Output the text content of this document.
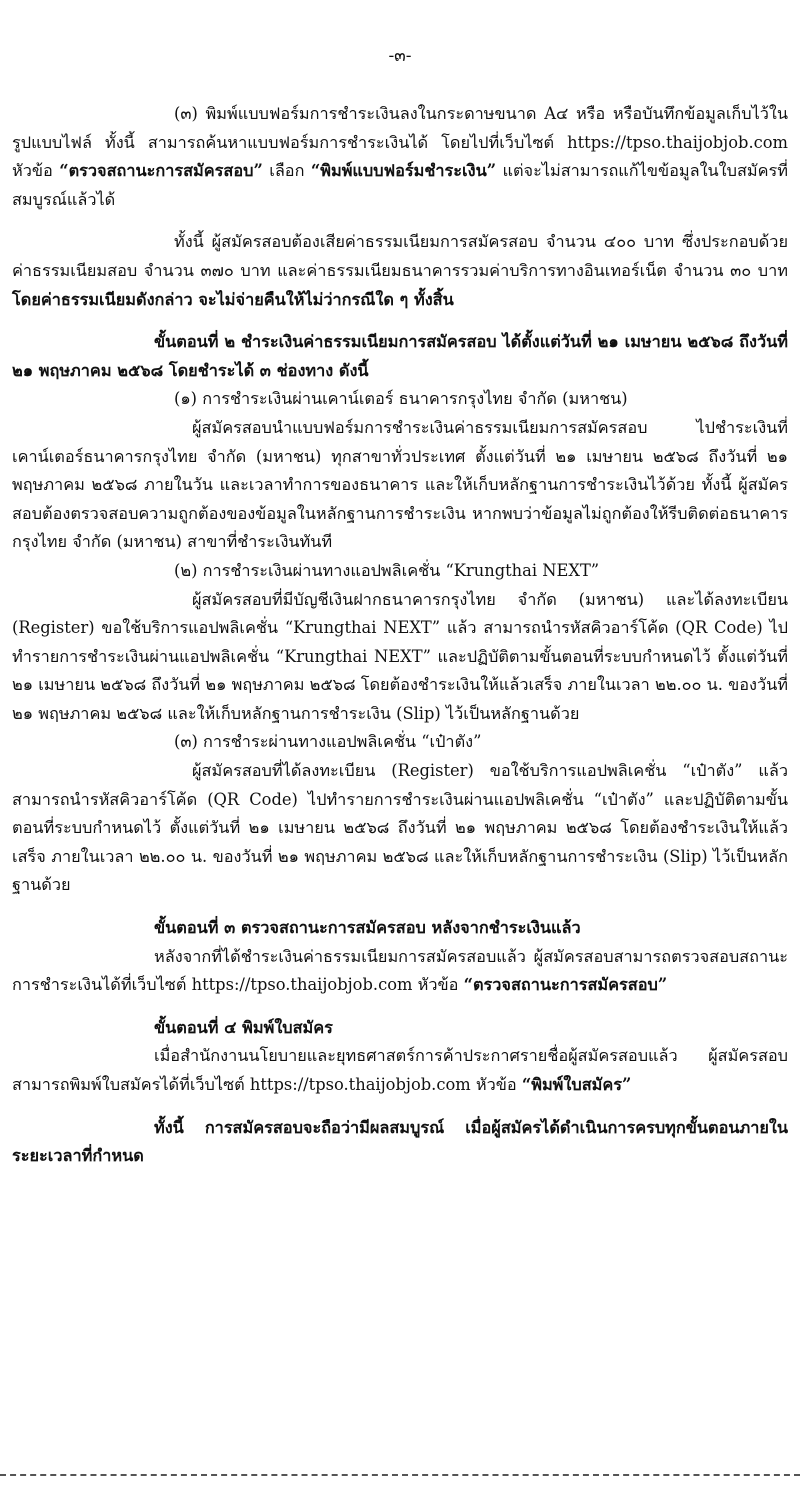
-๓-

(๓) พิมพ์แบบฟอร์มการชำระเงินลงในกระดาษขนาด A๔ หรือ หรือบันทึกข้อมูลเก็บไว้ในรูปแบบไฟล์ ทั้งนี้ สามารถค้นหาแบบฟอร์มการชำระเงินได้ โดยไปที่เว็บไซต์ https://tpso.thaijobjob.com หัวข้อ “ตรวจสถานะการสมัครสอบ” เลือก “พิมพ์แบบฟอร์มชำระเงิน” แต่จะไม่สามารถแก้ไขข้อมูลในใบสมัครที่สมบูรณ์แล้วได้

ทั้งนี้ ผู้สมัครสอบต้องเสียค่าธรรมเนียมการสมัครสอบ จำนวน ๔๐๐ บาท ซึ่งประกอบด้วยค่าธรรมเนียมสอบ จำนวน ๓๗๐ บาท และค่าธรรมเนียมธนาคารรวมค่าบริการทางอินเทอร์เน็ต จำนวน ๓๐ บาท โดยค่าธรรมเนียมดังกล่าว จะไม่จ่ายคืนให้ไม่ว่ากรณีใด ๆ ทั้งสิ้น

ขั้นตอนที่ ๒ ชำระเงินค่าธรรมเนียมการสมัครสอบ ได้ตั้งแต่วันที่ ๒๑ เมษายน ๒๕๖๘ ถึงวันที่ ๒๑ พฤษภาคม ๒๕๖๘ โดยชำระได้ ๓ ช่องทาง ดังนี้

(๑) การชำระเงินผ่านเคาน์เตอร์ ธนาคารกรุงไทย จำกัด (มหาชน)

ผู้สมัครสอบนำแบบฟอร์มการชำระเงินค่าธรรมเนียมการสมัครสอบ ไปชำระเงินที่เคาน์เตอร์ธนาคารกรุงไทย จำกัด (มหาชน) ทุกสาขาทั่วประเทศ ตั้งแต่วันที่ ๒๑ เมษายน ๒๕๖๘ ถึงวันที่ ๒๑ พฤษภาคม ๒๕๖๘ ภายในวัน และเวลาทำการของธนาคาร และให้เก็บหลักฐานการชำระเงินไว้ด้วย ทั้งนี้ ผู้สมัครสอบต้องตรวจสอบความถูกต้องของข้อมูลในหลักฐานการชำระเงิน หากพบว่าข้อมูลไม่ถูกต้องให้รีบติดต่อธนาคารกรุงไทย จำกัด (มหาชน) สาขาที่ชำระเงินทันที

(๒) การชำระเงินผ่านทางแอปพลิเคชั่น “Krungthai NEXT”

ผู้สมัครสอบที่มีบัญชีเงินฝากธนาคารกรุงไทย จำกัด (มหาชน) และได้ลงทะเบียน (Register) ขอใช้บริการแอปพลิเคชั่น “Krungthai NEXT” แล้ว สามารถนำรหัสคิวอาร์โค้ด (QR Code) ไปทำรายการชำระเงินผ่านแอปพลิเคชั่น “Krungthai NEXT” และปฏิบัติตามขั้นตอนที่ระบบกำหนดไว้ ตั้งแต่วันที่ ๒๑ เมษายน ๒๕๖๘ ถึงวันที่ ๒๑ พฤษภาคม ๒๕๖๘ โดยต้องชำระเงินให้แล้วเสร็จ ภายในเวลา ๒๒.๐๐ น. ของวันที่ ๒๑ พฤษภาคม ๒๕๖๘ และให้เก็บหลักฐานการชำระเงิน (Slip) ไว้เป็นหลักฐานด้วย

(๓) การชำระผ่านทางแอปพลิเคชั่น “เป๋าตัง”

ผู้สมัครสอบที่ได้ลงทะเบียน (Register) ขอใช้บริการแอปพลิเคชั่น “เป๋าตัง” แล้ว สามารถนำรหัสคิวอาร์โค้ด (QR Code) ไปทำรายการชำระเงินผ่านแอปพลิเคชั่น “เป๋าตัง” และปฏิบัติตามขั้นตอนที่ระบบกำหนดไว้ ตั้งแต่วันที่ ๒๑ เมษายน ๒๕๖๘ ถึงวันที่ ๒๑ พฤษภาคม ๒๕๖๘ โดยต้องชำระเงินให้แล้วเสร็จ ภายในเวลา ๒๒.๐๐ น. ของวันที่ ๒๑ พฤษภาคม ๒๕๖๘ และให้เก็บหลักฐานการชำระเงิน (Slip) ไว้เป็นหลักฐานด้วย

ขั้นตอนที่ ๓ ตรวจสถานะการสมัครสอบ หลังจากชำระเงินแล้ว

หลังจากที่ได้ชำระเงินค่าธรรมเนียมการสมัครสอบแล้ว ผู้สมัครสอบสามารถตรวจสอบสถานะการชำระเงินได้ที่เว็บไซต์ https://tpso.thaijobjob.com หัวข้อ “ตรวจสถานะการสมัครสอบ”

ขั้นตอนที่ ๔ พิมพ์ใบสมัคร

เมื่อสำนักงานนโยบายและยุทธศาสตร์การค้าประกาศรายชื่อผู้สมัครสอบแล้ว ผู้สมัครสอบสามารถพิมพ์ใบสมัครได้ที่เว็บไซต์ https://tpso.thaijobjob.com หัวข้อ “พิมพ์ใบสมัคร”

ทั้งนี้ การสมัครสอบจะถือว่ามีผลสมบูรณ์ เมื่อผู้สมัครได้ดำเนินการครบทุกขั้นตอนภายในระยะเวลาที่กำหนด
